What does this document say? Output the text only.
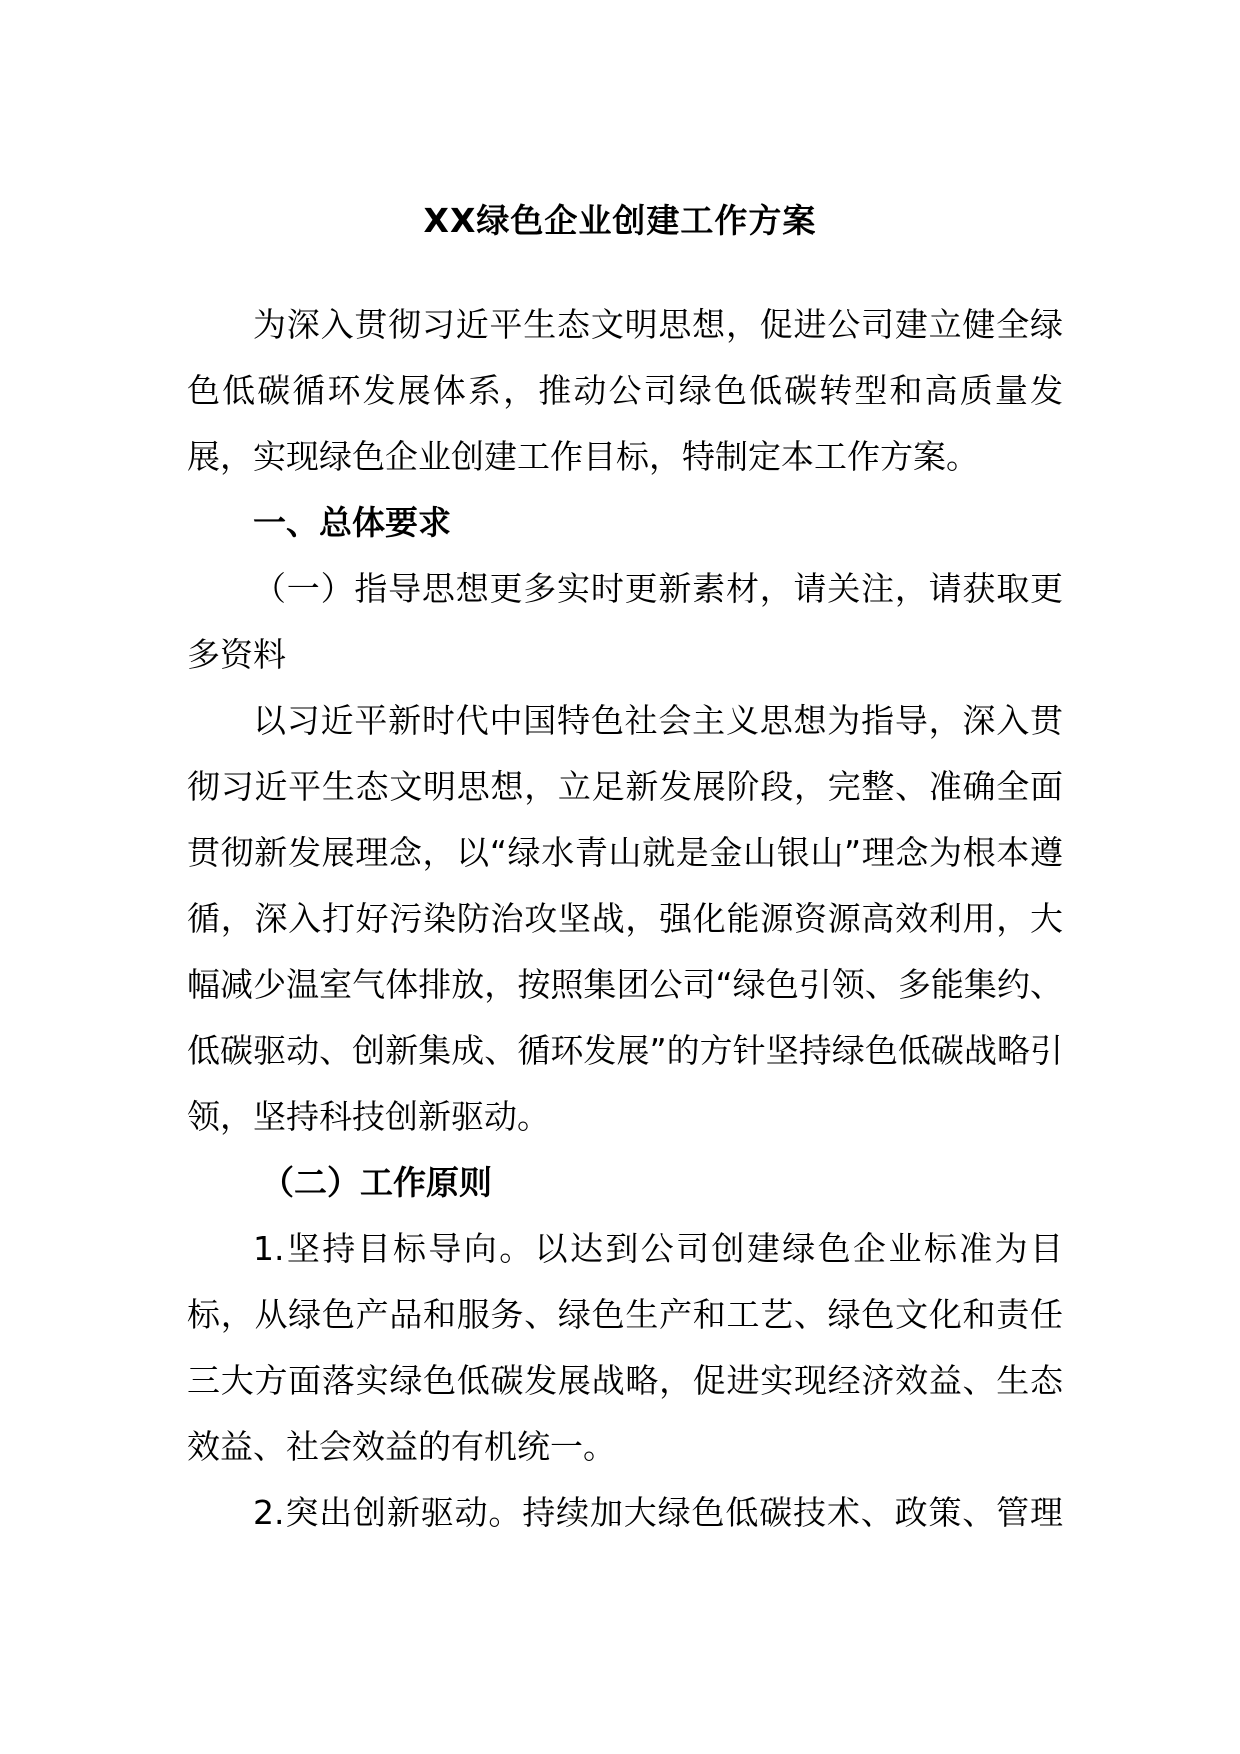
XX绿色企业创建工作方案

为深入贯彻习近平生态文明思想，促进公司建立健全绿色低碳循环发展体系，推动公司绿色低碳转型和高质量发展，实现绿色企业创建工作目标，特制定本工作方案。

一、总体要求

（一）指导思想更多实时更新素材，请关注，请获取更多资料

以习近平新时代中国特色社会主义思想为指导，深入贯彻习近平生态文明思想，立足新发展阶段，完整、准确全面贯彻新发展理念，以“绿水青山就是金山银山”理念为根本遵循，深入打好污染防治攻坚战，强化能源资源高效利用，大幅减少温室气体排放，按照集团公司“绿色引领、多能集约、低碳驱动、创新集成、循环发展”的方针坚持绿色低碳战略引领，坚持科技创新驱动。

（二）工作原则

1.坚持目标导向。以达到公司创建绿色企业标准为目标，从绿色产品和服务、绿色生产和工艺、绿色文化和责任三大方面落实绿色低碳发展战略，促进实现经济效益、生态效益、社会效益的有机统一。

2.突出创新驱动。持续加大绿色低碳技术、政策、管理
